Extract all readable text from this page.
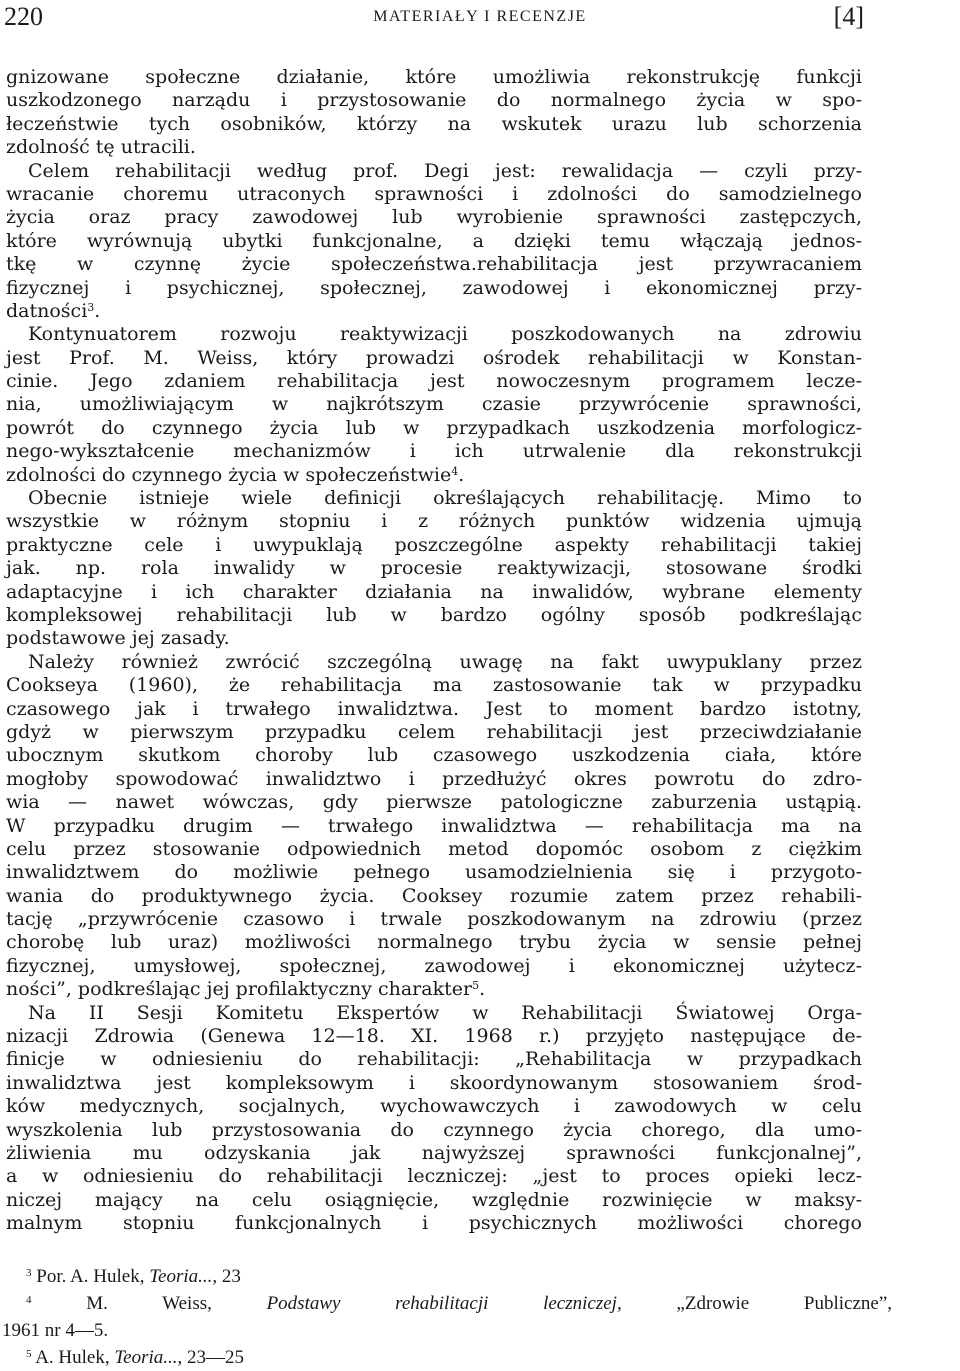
220	MATERIAŁY I RECENZJE	[4]
gnizowane społeczne działanie, które umożliwia rekonstrukcję funkcji
uszkodzonego narządu i przystosowanie do normalnego życia w spo-
łeczeństwie tych osobników, którzy na wskutek urazu lub schorzenia
zdolność tę utracili.
Celem rehabilitacji według prof. Degi jest: rewalidacja — czyli przy-
wracanie choremu utraconych sprawności i zdolności do samodzielnego
życia oraz pracy zawodowej lub wyrobienie sprawności zastępczych,
które wyrównują ubytki funkcjonalne, a dzięki temu włączają jednos-
tkę w czynnę życie społeczeństwa.rehabilitacja jest przywracaniem
fizycznej i psychicznej, społecznej, zawodowej i ekonomicznej przy-
datności$^3$.
Kontynuatorem rozwoju reaktywizacji poszkodowanych na zdrowiu
jest Prof. M. Weiss, który prowadzi ośrodek rehabilitacji w Konstan-
cinie. Jego zdaniem rehabilitacja jest nowoczesnym programem lecze-
nia, umożliwiającym w najkrótszym czasie przywrócenie sprawności,
powrót do czynnego życia lub w przypadkach uszkodzenia morfologicz-
nego-wykształcenie mechanizmów i ich utrwalenie dla rekonstrukcji
zdolności do czynnego życia w społeczeństwie$^4$.
Obecnie istnieje wiele definicji określających rehabilitację. Mimo to
wszystkie w różnym stopniu i z różnych punktów widzenia ujmują
praktyczne cele i uwypuklają poszczególne aspekty rehabilitacji takiej
jak. np. rola inwalidy w procesie reaktywizacji, stosowane środki
adaptacyjne i ich charakter działania na inwalidów, wybrane elementy
kompleksowej rehabilitacji lub w bardzo ogólny sposób podkreślając
podstawowe jej zasady.
Należy również zwrócić szczególną uwagę na fakt uwypuklany przez
Cookseya (1960), że rehabilitacja ma zastosowanie tak w przypadku
czasowego jak i trwałego inwalidztwa. Jest to moment bardzo istotny,
gdyż w pierwszym przypadku celem rehabilitacji jest przeciwdziałanie
ubocznym skutkom choroby lub czasowego uszkodzenia ciała, które
mogłoby spowodować inwalidztwo i przedłużyć okres powrotu do zdro-
wia — nawet wówczas, gdy pierwsze patologiczne zaburzenia ustąpią.
W przypadku drugim — trwałego inwalidztwa — rehabilitacja ma na
celu przez stosowanie odpowiednich metod dopomóc osobom z ciężkim
inwalidztwem do możliwie pełnego usamodzielnienia się i przygoto-
wania do produktywnego życia. Cooksey rozumie zatem przez rehabili-
tację „przywrócenie czasowo i trwale poszkodowanym na zdrowiu (przez
chorobę lub uraz) możliwości normalnego trybu życia w sensie pełnej
fizycznej, umysłowej, społecznej, zawodowej i ekonomicznej użytecz-
ności”, podkreślając jej profilaktyczny charakter$^5$.
Na II Sesji Komitetu Ekspertów w Rehabilitacji Światowej Orga-
nizacji Zdrowia (Genewa 12—18. XI. 1968 r.) przyjęto następujące de-
finicje w odniesieniu do rehabilitacji: „Rehabilitacja w przypadkach
inwalidztwa jest kompleksowym i skoordynowanym stosowaniem środ-
ków medycznych, socjalnych, wychowawczych i zawodowych w celu
wyszkolenia lub przystosowania do czynnego życia chorego, dla umo-
żliwienia mu odzyskania jak najwyższej sprawności funkcjonalnej”,
a w odniesieniu do rehabilitacji leczniczej: „jest to proces opieki lecz-
niczej mający na celu osiągnięcie, względnie rozwinięcie w maksy-
malnym stopniu funkcjonalnych i psychicznych możliwości chorego
$^3$ Por. A. Hulek, Teoria..., 23
$^4$	M. Weiss, Podstawy rehabilitacji leczniczej, „Zdrowie Publiczne”,
1961 nr 4—5.
$^5$ A. Hulek, Teoria..., 23—25
